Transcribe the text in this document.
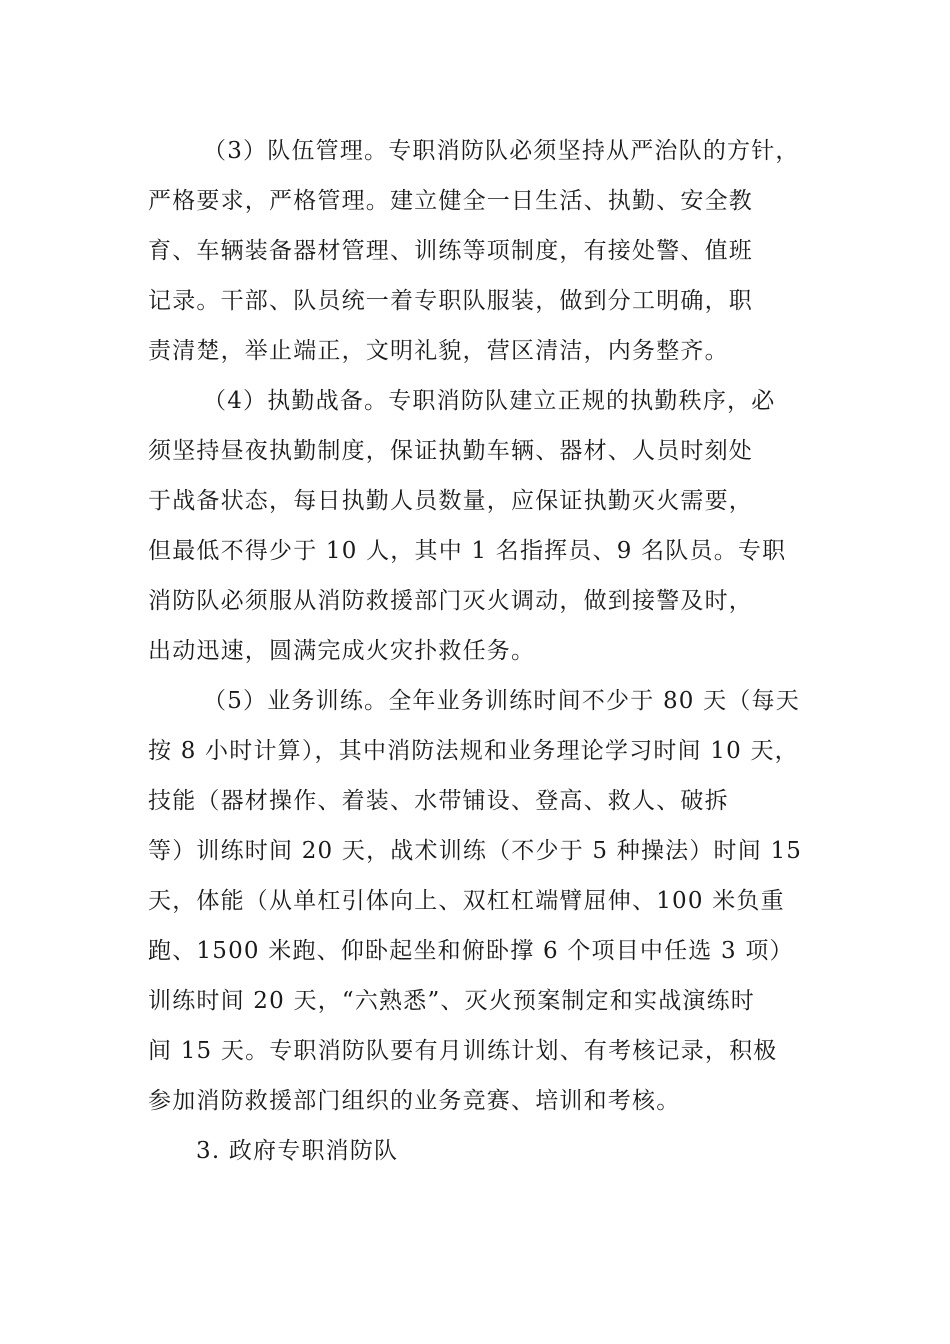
（3）队伍管理。专职消防队必须坚持从严治队的方针，
严格要求，严格管理。建立健全一日生活、执勤、安全教
育、车辆装备器材管理、训练等项制度，有接处警、值班
记录。干部、队员统一着专职队服装，做到分工明确，职
责清楚，举止端正，文明礼貌，营区清洁，内务整齐。
（4）执勤战备。专职消防队建立正规的执勤秩序，必
须坚持昼夜执勤制度，保证执勤车辆、器材、人员时刻处
于战备状态，每日执勤人员数量，应保证执勤灭火需要，
但最低不得少于 10 人，其中 1 名指挥员、9 名队员。专职
消防队必须服从消防救援部门灭火调动，做到接警及时，
出动迅速，圆满完成火灾扑救任务。
（5）业务训练。全年业务训练时间不少于 80 天（每天
按 8 小时计算），其中消防法规和业务理论学习时间 10 天，
技能（器材操作、着装、水带铺设、登高、救人、破拆
等）训练时间 20 天，战术训练（不少于 5 种操法）时间 15
天，体能（从单杠引体向上、双杠杠端臂屈伸、100 米负重
跑、1500 米跑、仰卧起坐和俯卧撑 6 个项目中任选 3 项）
训练时间 20 天，“六熟悉”、灭火预案制定和实战演练时
间 15 天。专职消防队要有月训练计划、有考核记录，积极
参加消防救援部门组织的业务竞赛、培训和考核。
3. 政府专职消防队
